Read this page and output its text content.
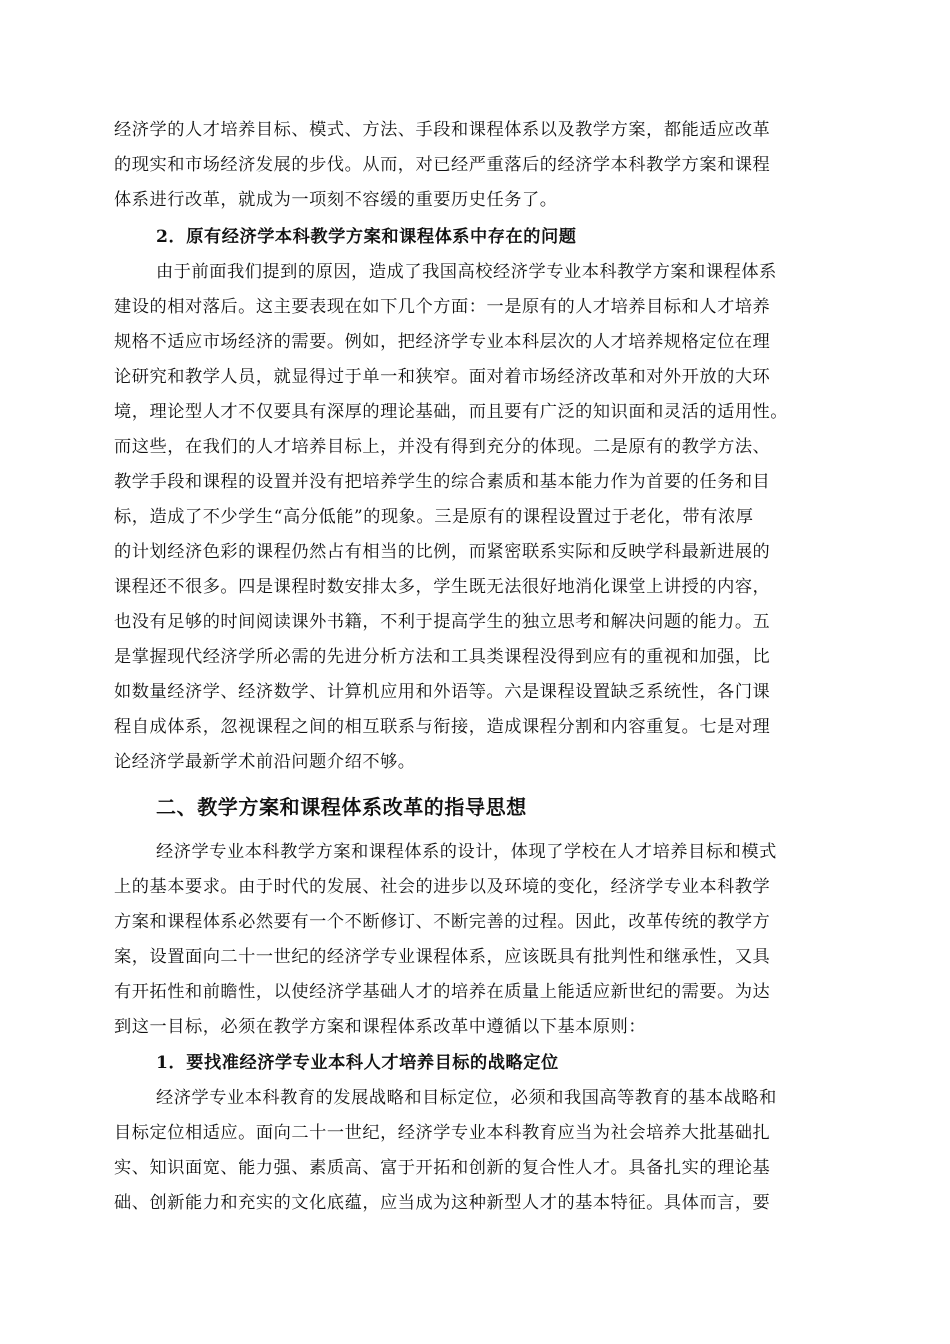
经济学的人才培养目标、模式、方法、手段和课程体系以及教学方案，都能适应改革
的现实和市场经济发展的步伐。从而，对已经严重落后的经济学本科教学方案和课程
体系进行改革，就成为一项刻不容缓的重要历史任务了。
2．原有经济学本科教学方案和课程体系中存在的问题
由于前面我们提到的原因，造成了我国高校经济学专业本科教学方案和课程体系
建设的相对落后。这主要表现在如下几个方面：一是原有的人才培养目标和人才培养
规格不适应市场经济的需要。例如，把经济学专业本科层次的人才培养规格定位在理
论研究和教学人员，就显得过于单一和狭窄。面对着市场经济改革和对外开放的大环
境，理论型人才不仅要具有深厚的理论基础，而且要有广泛的知识面和灵活的适用性。
而这些，在我们的人才培养目标上，并没有得到充分的体现。二是原有的教学方法、
教学手段和课程的设置并没有把培养学生的综合素质和基本能力作为首要的任务和目
标，造成了不少学生“高分低能”的现象。三是原有的课程设置过于老化，带有浓厚
的计划经济色彩的课程仍然占有相当的比例，而紧密联系实际和反映学科最新进展的
课程还不很多。四是课程时数安排太多，学生既无法很好地消化课堂上讲授的内容，
也没有足够的时间阅读课外书籍，不利于提高学生的独立思考和解决问题的能力。五
是掌握现代经济学所必需的先进分析方法和工具类课程没得到应有的重视和加强，比
如数量经济学、经济数学、计算机应用和外语等。六是课程设置缺乏系统性，各门课
程自成体系，忽视课程之间的相互联系与衔接，造成课程分割和内容重复。七是对理
论经济学最新学术前沿问题介绍不够。
二、教学方案和课程体系改革的指导思想
经济学专业本科教学方案和课程体系的设计，体现了学校在人才培养目标和模式
上的基本要求。由于时代的发展、社会的进步以及环境的变化，经济学专业本科教学
方案和课程体系必然要有一个不断修订、不断完善的过程。因此，改革传统的教学方
案，设置面向二十一世纪的经济学专业课程体系，应该既具有批判性和继承性，又具
有开拓性和前瞻性，以使经济学基础人才的培养在质量上能适应新世纪的需要。为达
到这一目标，必须在教学方案和课程体系改革中遵循以下基本原则：
1．要找准经济学专业本科人才培养目标的战略定位
经济学专业本科教育的发展战略和目标定位，必须和我国高等教育的基本战略和
目标定位相适应。面向二十一世纪，经济学专业本科教育应当为社会培养大批基础扎
实、知识面宽、能力强、素质高、富于开拓和创新的复合性人才。具备扎实的理论基
础、创新能力和充实的文化底蕴，应当成为这种新型人才的基本特征。具体而言，要
